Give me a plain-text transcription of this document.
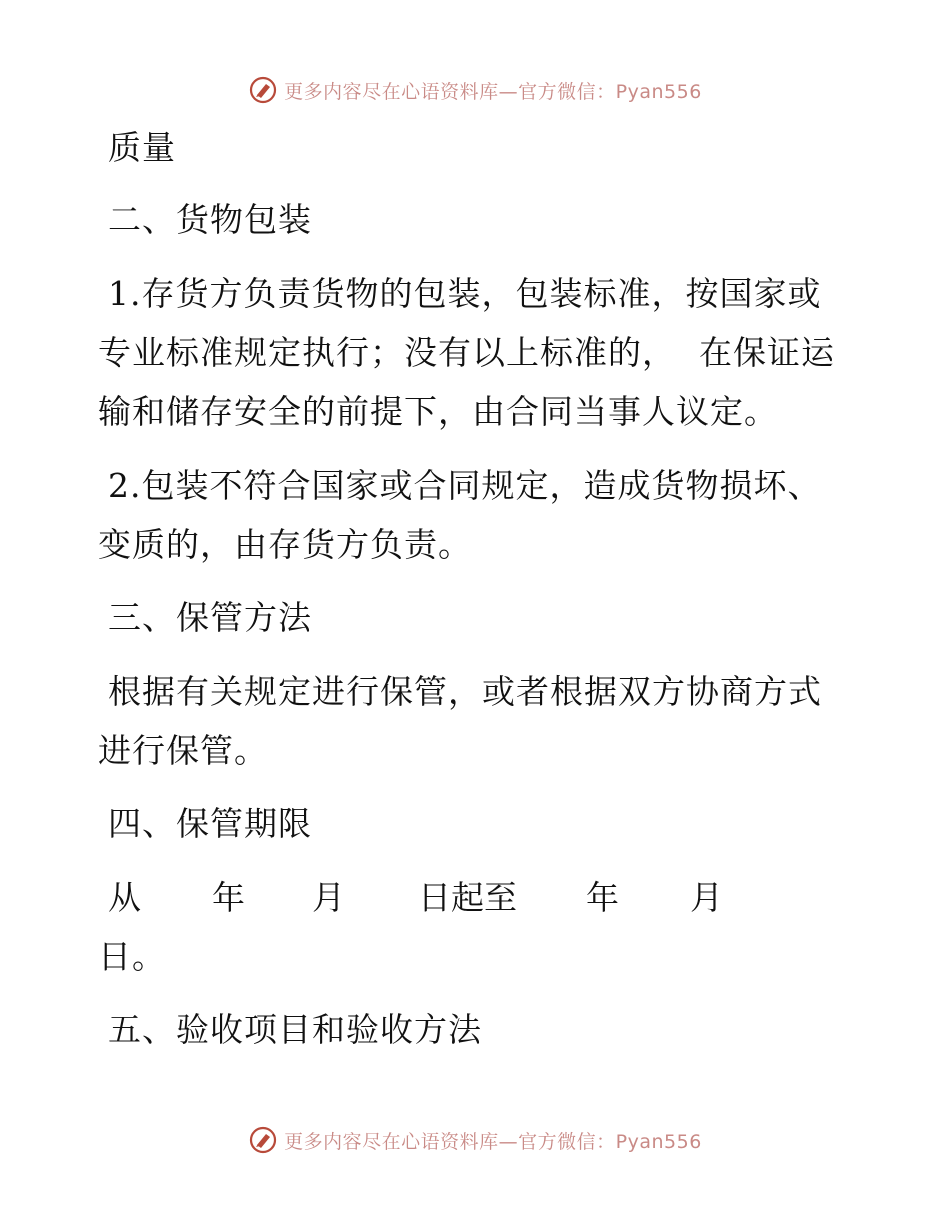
更多内容尽在心语资料库—官方微信：Pyan556
质量
二、货物包装
1.存货方负责货物的包装，包装标准，按国家或
专业标准规定执行；没有以上标准的，  在保证运
输和储存安全的前提下，由合同当事人议定。
2.包装不符合国家或合同规定，造成货物损坏、
变质的，由存货方负责。
三、保管方法
根据有关规定进行保管，或者根据双方协商方式
进行保管。
四、保管期限
从 年 月 日起至 年 月
日。
五、验收项目和验收方法
更多内容尽在心语资料库—官方微信：Pyan556
